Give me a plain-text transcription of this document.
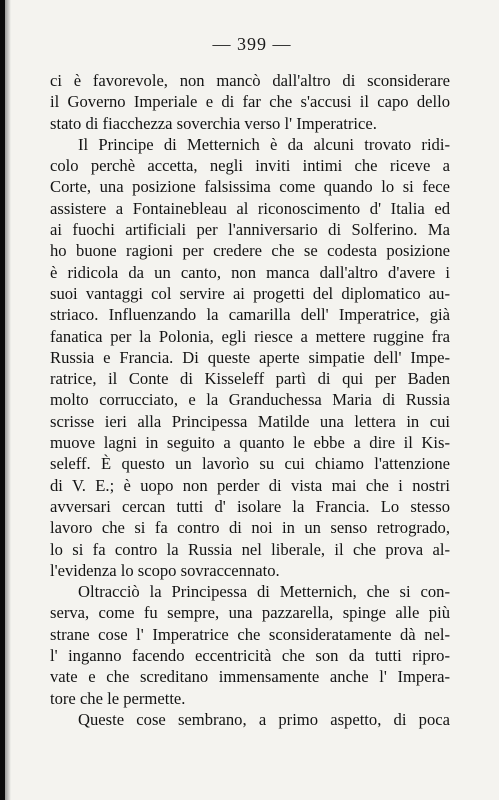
— 399 —
ci è favorevole, non mancò dall'altro di sconsiderare
il Governo Imperiale e di far che s'accusi il capo dello
stato di fiacchezza soverchia verso l' Imperatrice.
Il Principe di Metternich è da alcuni trovato ridi-
colo perchè accetta, negli inviti intimi che riceve a
Corte, una posizione falsissima come quando lo si fece
assistere a Fontainebleau al riconoscimento d' Italia ed
ai fuochi artificiali per l'anniversario di Solferino. Ma
ho buone ragioni per credere che se codesta posizione
è ridicola da un canto, non manca dall'altro d'avere i
suoi vantaggi col servire ai progetti del diplomatico au-
striaco. Influenzando la camarilla dell' Imperatrice, già
fanatica per la Polonia, egli riesce a mettere ruggine fra
Russia e Francia. Di queste aperte simpatie dell' Impe-
ratrice, il Conte di Kisseleff partì di qui per Baden
molto corrucciato, e la Granduchessa Maria di Russia
scrisse ieri alla Principessa Matilde una lettera in cui
muove lagni in seguito a quanto le ebbe a dire il Kis-
seleff. È questo un lavorìo su cui chiamo l'attenzione
di V. E.; è uopo non perder di vista mai che i nostri
avversari cercan tutti d' isolare la Francia. Lo stesso
lavoro che si fa contro di noi in un senso retrogrado,
lo si fa contro la Russia nel liberale, il che prova al-
l'evidenza lo scopo sovraccennato.
Oltracciò la Principessa di Metternich, che si con-
serva, come fu sempre, una pazzarella, spinge alle più
strane cose l' Imperatrice che sconsideratamente dà nel-
l' inganno facendo eccentricità che son da tutti ripro-
vate e che screditano immensamente anche l' Impera-
tore che le permette.
Queste cose sembrano, a primo aspetto, di poca
